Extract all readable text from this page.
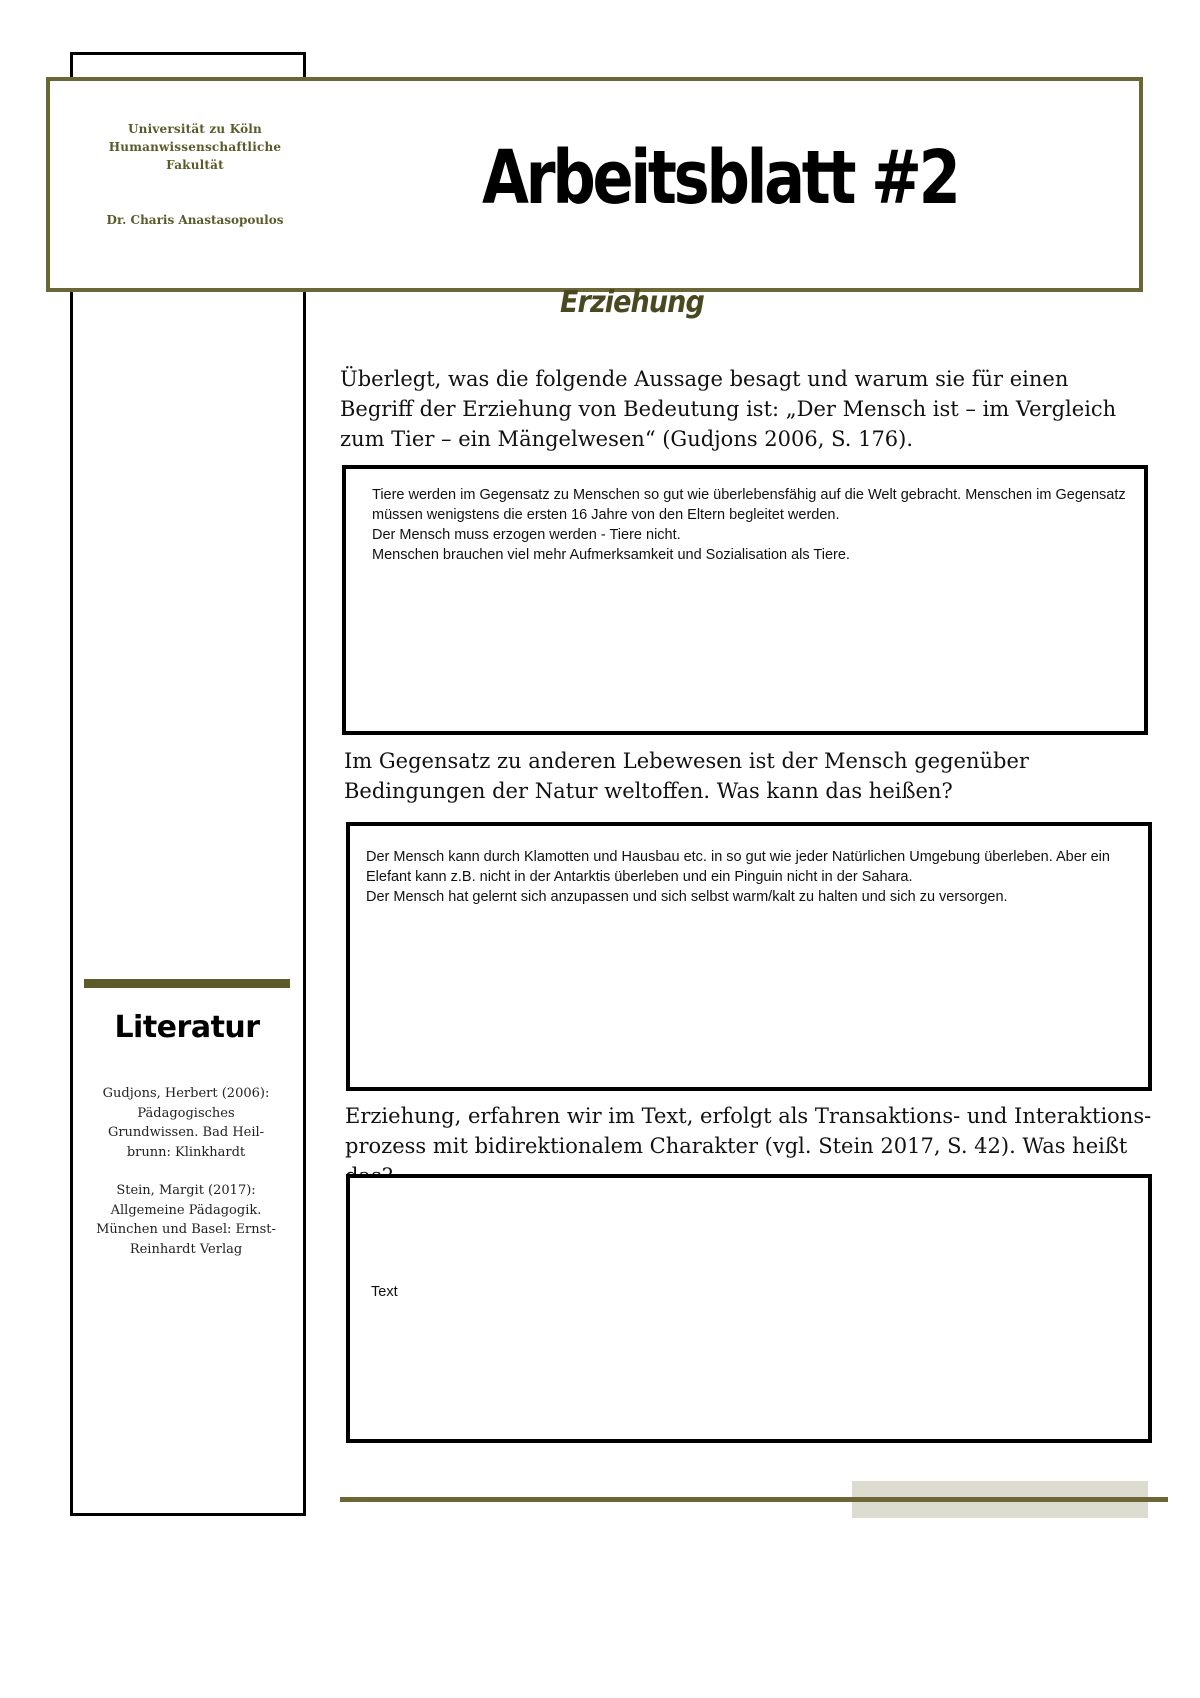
Universität zu Köln Humanwissenschaftliche Fakultät
Dr. Charis Anastasopoulos	Arbeitsblatt #2
Erziehung
Überlegt, was die folgende Aussage besagt und warum sie für einen Begriff der Erziehung von Bedeutung ist: „Der Mensch ist – im Vergleich zum Tier – ein Mängelwesen“ (Gudjons 2006, S. 176).
Tiere werden im Gegensatz zu Menschen so gut wie überlebensfähig auf die Welt gebracht. Menschen im Gegensatz müssen wenigstens die ersten 16 Jahre von den Eltern begleitet werden.
Der Mensch muss erzogen werden - Tiere nicht.
Menschen brauchen viel mehr Aufmerksamkeit und Sozialisation als Tiere.
Im Gegensatz zu anderen Lebewesen ist der Mensch gegenüber Bedingungen der Natur weltoffen. Was kann das heißen?
Der Mensch kann durch Klamotten und Hausbau etc. in so gut wie jeder Natürlichen Umgebung überleben. Aber ein Elefant kann z.B. nicht in der Antarktis überleben und ein Pinguin nicht in der Sahara.
Der Mensch hat gelernt sich anzupassen und sich selbst warm/kalt zu halten und sich zu versorgen.
Erziehung, erfahren wir im Text, erfolgt als Transaktions- und Interaktions-prozess mit bidirektionalem Charakter (vgl. Stein 2017, S. 42). Was heißt
Text
Literatur
Gudjons, Herbert (2006): Pädagogisches Grundwissen. Bad Heil-brunn: Klinkhardt
Stein, Margit (2017): Allgemeine Pädagogik. München und Basel: Ernst-Reinhardt Verlag
